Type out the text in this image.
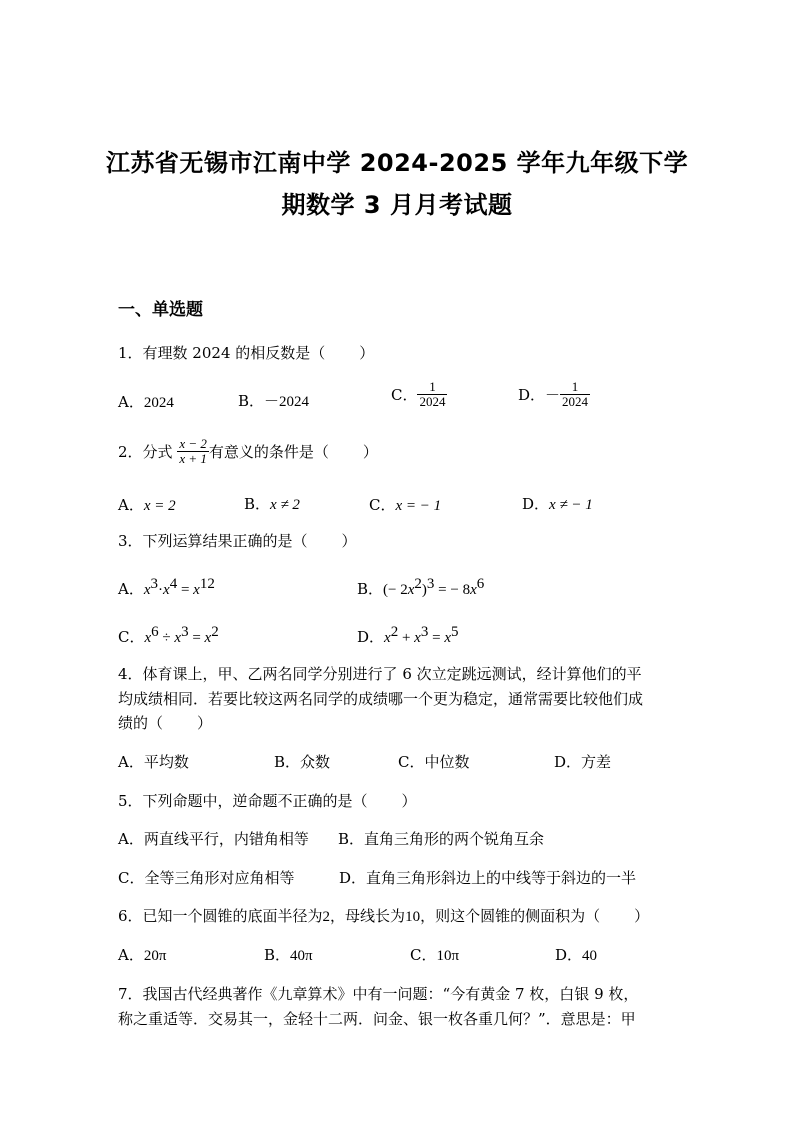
江苏省无锡市江南中学 2024-2025 学年九年级下学
期数学 3 月月考试题
一、单选题
1．有理数 2024 的相反数是（ ）
A．2024	B．－2024	C． $\frac{1}{2024}$	D．－ $\frac{1}{2024}$
2．分式 $\frac{x - 2}{x + 1}$ 有意义的条件是（ ）
A．x = 2	B．x ≠ 2	C．x = − 1	D．x ≠ − 1
3．下列运算结果正确的是（ ）
A．$x^3\cdot x^4 = x^{12}$	B．(− $2x^2)^3$ = − $8x^6$
C．$x^6 \div x^3 = x^2$	D．$x^2 + x^3 = x^5$
4．体育课上，甲、乙两名同学分别进行了 6 次立定跳远测试，经计算他们的平
均成绩相同．若要比较这两名同学的成绩哪一个更为稳定，通常需要比较他们成
绩的（ ）
A．平均数	B．众数	C．中位数	D．方差
5．下列命题中，逆命题不正确的是（ ）
A．两直线平行，内错角相等 B．直角三角形的两个锐角互余
C．全等三角形对应角相等	D．直角三角形斜边上的中线等于斜边的一半
6．已知一个圆锥的底面半径为2，母线长为10，则这个圆锥的侧面积为（ ）
A．20π	B．40π	C．10π	D．40
7．我国古代经典著作《九章算术》中有一问题：“今有黄金 7 枚，白银 9 枚，
称之重适等．交易其一，金轻十二两．问金、银一枚各重几何？”．意思是：甲
